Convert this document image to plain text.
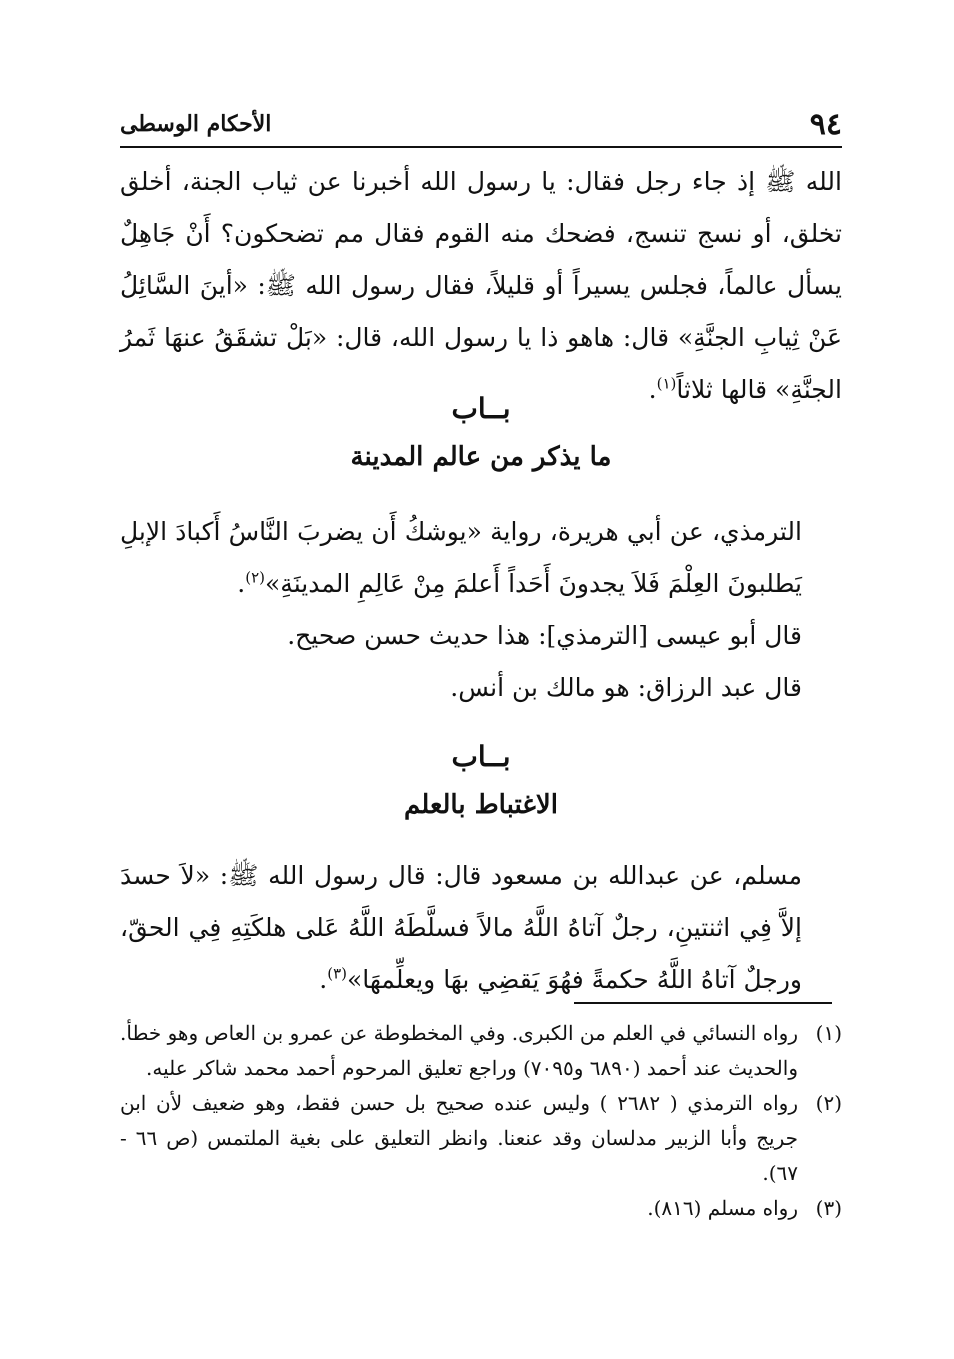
٩٤
الأحكام الوسطى

الله ﷺ إذ جاء رجل فقال: يا رسول الله أخبرنا عن ثياب الجنة، أخلق تخلق، أو نسج تنسج، فضحك منه القوم فقال مم تضحكون؟ أَنْ جَاهِلٌ يسأل عالماً، فجلس يسيراً أو قليلاً، فقال رسول الله ﷺ: «أينَ السَّائِلُ عَنْ ثِيابِ الجنَّةِ» قال: هاهو ذا يا رسول الله، قال: «بَلْ تشقَقُ عنهَا ثَمرُ الجنَّةِ» قالها ثلاثاً$^{(١)}$.

بــاب
ما يذكر من عالم المدينة

الترمذي، عن أبي هريرة، رواية «يوشكُ أَن يضربَ النَّاسُ أَكبادَ الإبلِ يَطلبونَ العِلْمَ فَلاَ يجدونَ أَحَداً أَعلمَ مِنْ عَالِمِ المدينَةِ»$^{(٢)}$.

قال أبو عيسى [الترمذي]: هذا حديث حسن صحيح.

قال عبد الرزاق: هو مالك بن أنس.

بــاب
الاغتباط بالعلم

مسلم، عن عبدالله بن مسعود قال: قال رسول الله ﷺ: «لاَ حسدَ إلاَّ فِي اثنتينِ، رجلٌ آتاهُ اللَّهُ مالاً فسلَّطَهُ اللَّهُ عَلى هلكَتِهِ فِي الحقّ، ورجلٌ آتاهُ اللَّهُ حكمةً فهُوَ يَقضِي بهَا ويعلِّمهَا»$^{(٣)}$.

(١)
رواه النسائي في العلم من الكبرى. وفي المخطوطة عن عمرو بن العاص وهو خطأ. والحديث عند أحمد (٦٨٩٠ و٧٠٩٥) وراجع تعليق المرحوم أحمد محمد شاكر عليه.
(٢)
رواه الترمذي ( ٢٦٨٢ ) وليس عنده صحيح بل حسن فقط، وهو ضعيف لأن ابن جريج وأبا الزبير مدلسان وقد عنعنا. وانظر التعليق على بغية الملتمس (ص ٦٦ - ٦٧).
(٣)
رواه مسلم (٨١٦).
